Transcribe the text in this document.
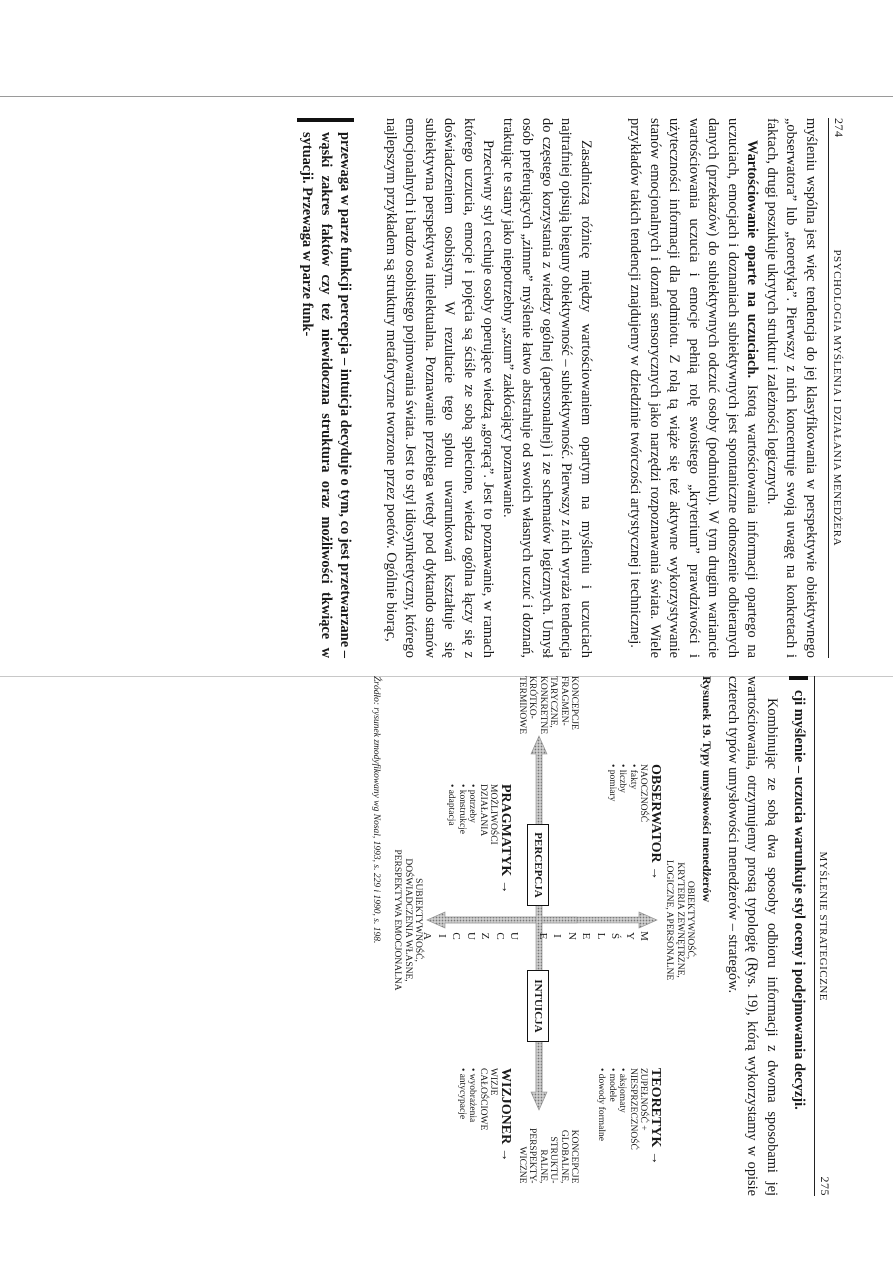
274
PSYCHOLOGIA MYŚLENIA I DZIAŁANIA MENEDŻERA

myśleniu wspólna jest więc tendencja do jej klasyfikowania w perspektywie obiektywnego „obserwatora” lub „teoretyka”. Pierwszy z nich koncentruje swoją uwagę na konkretach i faktach, drugi poszukuje ukrytych struktur i zależności logicznych.

Wartościowanie oparte na uczuciach. Istotą wartościowania informacji opartego na uczuciach, emocjach i doznaniach subiektywnych jest spontaniczne odnoszenie odbieranych danych (przekazów) do subiektywnych odczuć osoby (podmiotu). W tym drugim wariancie wartościowania uczucia i emocje pełnią rolę swoistego „kryterium” prawdziwości i użyteczności informacji dla podmiotu. Z rolą tą wiąże się też aktywne wykorzystywanie stanów emocjonalnych i doznań sensorycznych jako narzędzi rozpoznawania świata. Wiele przykładów takich tendencji znajdujemy w dziedzinie twórczości artystycznej i technicznej.

Zasadniczą różnicę między wartościowaniem opartym na myśleniu i uczuciach najtrafniej opisują bieguny obiektywność – subiektywność. Pierwszy z nich wyraża tendencja do częstego korzystania z wiedzy ogólnej (apersonalnej) i ze schematów logicznych. Umysł osób preferujących „zimne” myślenie łatwo abstrahuje od swoich własnych uczuć i doznań, traktując te stany jako niepotrzebny „szum” zakłócający poznawanie.

Przeciwny styl cechuje osoby operujące wiedzą „gorącą”. Jest to poznawanie, w ramach którego uczucia, emocje i pojęcia są ściśle ze sobą splecione, wiedza ogólna łączy się z doświadczeniem osobistym. W rezultacie tego splotu uwarunkowań kształtuje się subiektywna perspektywa intelektualna. Poznawanie przebiega wtedy pod dyktando stanów emocjonalnych i bardzo osobistego pojmowania świata. Jest to styl idiosynkretyczny, którego najlepszym przykładem są struktury metaforyczne tworzone przez poetów. Ogólnie biorąc,

przewaga w parze funkcji percepcja – intuicja decyduje o tym, co jest przetwarzane – wąski zakres faktów czy też niewidoczna struktura oraz możliwości tkwiące w sytuacji. Przewaga w parze funk-

MYŚLENIE STRATEGICZNE
275

cji myślenie – uczucia warunkuje styl oceny i podejmowania decyzji.

Kombinując ze sobą dwa sposoby odbioru informacji z dwoma sposobami jej wartościowania, otrzymujemy prostą typologię (Rys. 19), którą wykorzystamy w opisie czterech typów umysłowości menedżerów – strategów.

Rysunek 19. Typy umysłowości menedżerów
OBIEKTYWNOŚĆ,
KRYTERIA ZEWNĘTRZNE,
LOGICZNE, APERSONALNE
M
Y
Ś
L
E
N
I
E
U
C
Z
U
C
I
A
PERCEPCJA
INTUICJA
OBSERWATOR →
NAOCZNOŚĆ
• fakty
• liczby
• pomiary
TEORETYK →
ZUPEŁNOŚĆ +
NIESPRZECZNOŚĆ
• aksjomaty
• modele
• dowody formalne
PRAGMATYK →
MOŻLIWOŚCI
DZIAŁANIA
• potrzeby
• konstrukcje
• adaptacja
WIZJONER →
WIZJE
CAŁOŚCIOWE
• wyobrażenia
• antycypacje
KONCEPCJE
FRAGMEN-
TARYCZNE,
KONKRETNE
KRÓTKO-
TERMINOWE
KONCEPCJE
GLOBALNE,
STRUKTU-
RALNE,
PERSPEKTY-
WICZNE
SUBIEKTYWNOŚĆ,
DOŚWIADCZENIA WŁASNE,
PERSPEKTYWA EMOCJONALNA
Źródło: rysunek zmodyfikowany wg Nosal, 1993, s. 229 i 1990, s. 198.
